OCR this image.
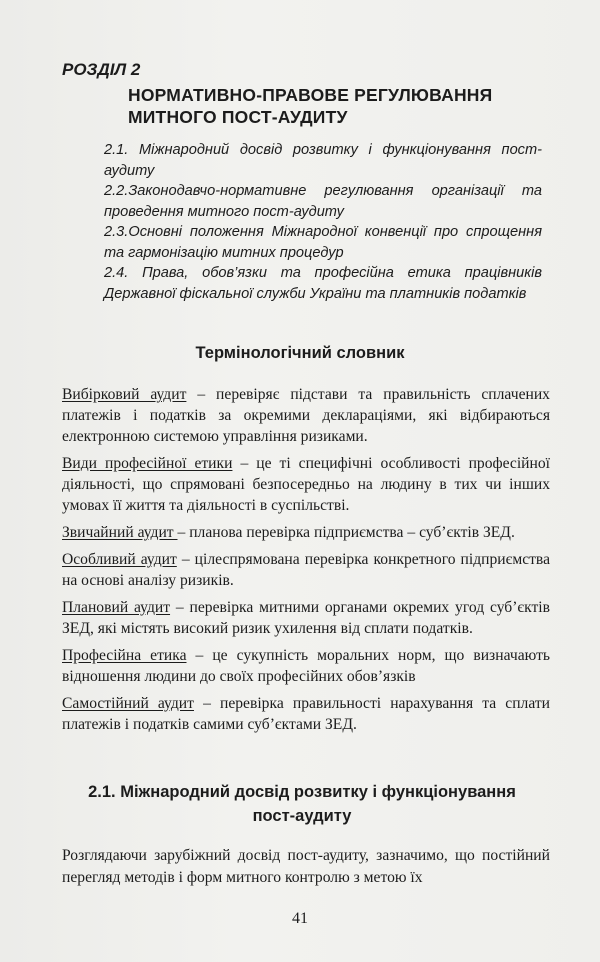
РОЗДІЛ 2
НОРМАТИВНО-ПРАВОВЕ РЕГУЛЮВАННЯ
МИТНОГО ПОСТ-АУДИТУ
2.1. Міжнародний досвід розвитку і функціонування пост-аудиту
2.2.Законодавчо-нормативне регулювання організації та проведення митного пост-аудиту
2.3.Основні положення Міжнародної конвенції про спрощення та гармонізацію митних процедур
2.4. Права, обов’язки та професійна етика працівників Державної фіскальної служби України та платників податків
Термінологічний словник

Вибірковий аудит – перевіряє підстави та правильність сплачених платежів і податків за окремими деклараціями, які відбираються електронною системою управління ризиками.

Види професійної етики – це ті специфічні особливості професійної діяльності, що спрямовані безпосередньо на людину в тих чи інших умовах її життя та діяльності в суспільстві.

Звичайний аудит – планова перевірка підприємства – суб’єктів ЗЕД.

Особливий аудит – цілеспрямована перевірка конкретного підприємства на основі аналізу ризиків.

Плановий аудит – перевірка митними органами окремих угод суб’єктів ЗЕД, які містять високий ризик ухилення від сплати податків.

Професійна етика – це сукупність моральних норм, що визначають відношення людини до своїх професійних обов’язків

Самостійний аудит – перевірка правильності нарахування та сплати платежів і податків самими суб’єктами ЗЕД.

2.1. Міжнародний досвід розвитку і функціонування
пост-аудиту
Розглядаючи зарубіжний досвід пост-аудиту, зазначимо, що постійний перегляд методів і форм митного контролю з метою їх
41
